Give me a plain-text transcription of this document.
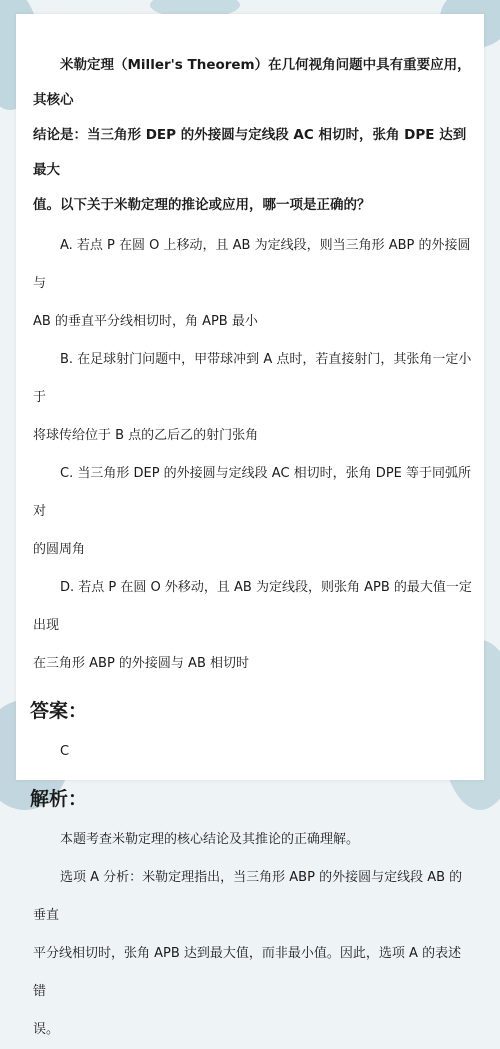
米勒定理（Miller's Theorem）在几何视角问题中具有重要应用，其核心

结论是：当三角形 DEP 的外接圆与定线段 AC 相切时，张角 DPE 达到最大

值。以下关于米勒定理的推论或应用，哪一项是正确的？

A. 若点 P 在圆 O 上移动，且 AB 为定线段，则当三角形 ABP 的外接圆与

AB 的垂直平分线相切时，角 APB 最小

B. 在足球射门问题中，甲带球冲到 A 点时，若直接射门，其张角一定小于

将球传给位于 B 点的乙后乙的射门张角

C. 当三角形 DEP 的外接圆与定线段 AC 相切时，张角 DPE 等于同弧所对

的圆周角

D. 若点 P 在圆 O 外移动，且 AB 为定线段，则张角 APB 的最大值一定出现

在三角形 ABP 的外接圆与 AB 相切时

答案：

C

解析：

本题考查米勒定理的核心结论及其推论的正确理解。

选项 A 分析：米勒定理指出，当三角形 ABP 的外接圆与定线段 AB 的垂直

平分线相切时，张角 APB 达到最大值，而非最小值。因此，选项 A 的表述错

误。
